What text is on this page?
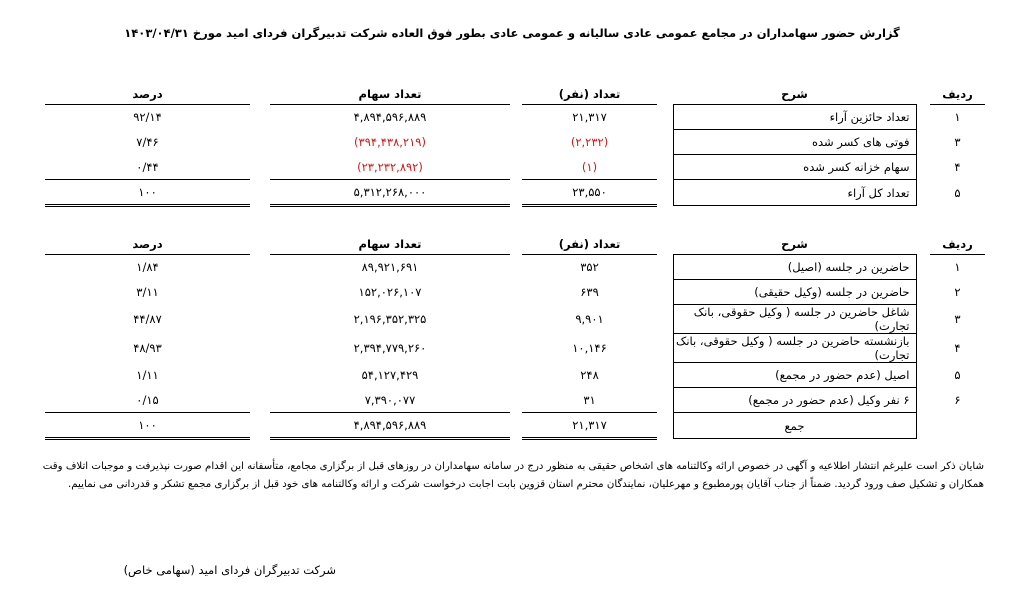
گزارش حضور سهامداران در مجامع عمومی عادی سالیانه و عمومی عادی بطور فوق العاده شرکت تدبیرگران فردای امید مورخ ۱۴۰۳/۰۴/۳۱
ردیف		شرح		تعداد (نفر)		تعداد سهام		درصد
۱		تعداد حائزین آراء		۲۱,۳۱۷		۴,۸۹۴,۵۹۶,۸۸۹		۹۲/۱۴
۳		فوتی های کسر شده		(۲,۲۳۲)		(۳۹۴,۴۳۸,۲۱۹)		۷/۴۶
۴		سهام خزانه کسر شده		(۱)		(۲۳,۲۳۲,۸۹۲)		۰/۴۴
۵		تعداد کل آراء		۲۳,۵۵۰		۵,۳۱۲,۲۶۸,۰۰۰		۱۰۰
ردیف		شرح		تعداد (نفر)		تعداد سهام		درصد
۱		حاضرین در جلسه (اصیل)		۳۵۲		۸۹,۹۲۱,۶۹۱		۱/۸۴
۲		حاضرین در جلسه (وکیل حقیقی)		۶۳۹		۱۵۲,۰۲۶,۱۰۷		۳/۱۱
۳		شاغل حاضرین در جلسه ( وکیل حقوقی، بانک تجارت)		۹,۹۰۱		۲,۱۹۶,۳۵۲,۳۲۵		۴۴/۸۷
۴		بازنشسته حاضرین در جلسه ( وکیل حقوقی، بانک تجارت)		۱۰,۱۴۶		۲,۳۹۴,۷۷۹,۲۶۰		۴۸/۹۳
۵		اصیل (عدم حضور در مجمع)		۲۴۸		۵۴,۱۲۷,۴۲۹		۱/۱۱
۶		۶ نفر وکیل (عدم حضور در مجمع)		۳۱		۷,۳۹۰,۰۷۷		۰/۱۵
		جمع		۲۱,۳۱۷		۴,۸۹۴,۵۹۶,۸۸۹		۱۰۰
شایان ذکر است علیرغم انتشار اطلاعیه و آگهی در خصوص ارائه وکالتنامه های اشخاص حقیقی به منظور درج در سامانه سهامداران در روزهای قبل از برگزاری مجامع، متأسفانه این اقدام صورت نپذیرفت و موجبات اتلاف وقت همکاران و تشکیل صف ورود گردید. ضمناً از جناب آقایان پورمطبوع و مهرعلیان، نمایندگان محترم استان قزوین بابت اجابت درخواست شرکت و ارائه وکالتنامه های خود قبل از برگزاری مجمع تشکر و قدردانی می نماییم.
شرکت تدبیرگران فردای امید (سهامی خاص)
